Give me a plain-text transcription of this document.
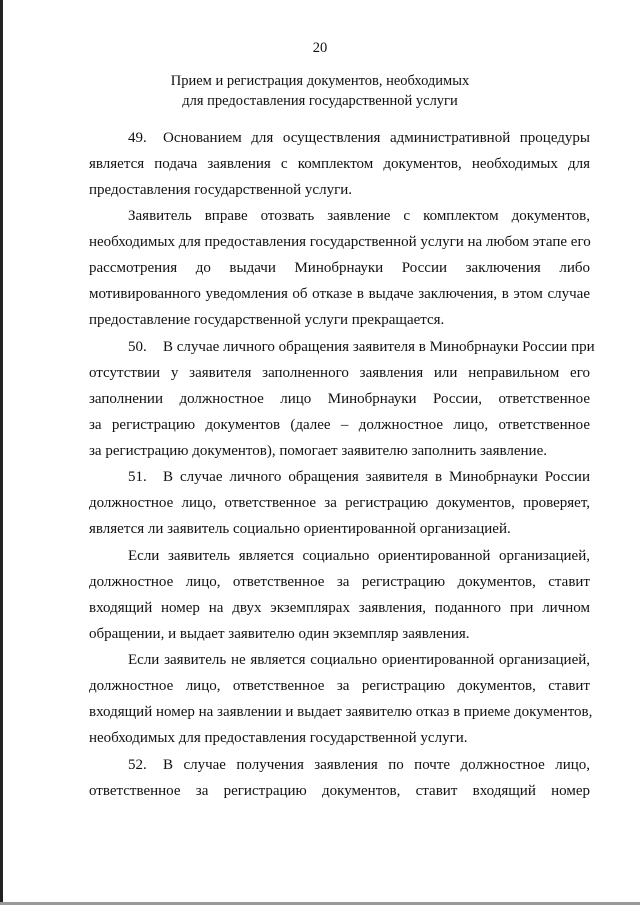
20
Прием и регистрация документов, необходимых
для предоставления государственной услуги
49. Основанием для осуществления административной процедуры
является подача заявления с комплектом документов, необходимых для
предоставления государственной услуги.
Заявитель вправе отозвать заявление с комплектом документов,
необходимых для предоставления государственной услуги на любом этапе его
рассмотрения до выдачи Минобрнауки России заключения либо
мотивированного уведомления об отказе в выдаче заключения, в этом случае
предоставление государственной услуги прекращается.
50. В случае личного обращения заявителя в Минобрнауки России при
отсутствии у заявителя заполненного заявления или неправильном его
заполнении должностное лицо Минобрнауки России, ответственное
за регистрацию документов (далее – должностное лицо, ответственное
за регистрацию документов), помогает заявителю заполнить заявление.
51. В случае личного обращения заявителя в Минобрнауки России
должностное лицо, ответственное за регистрацию документов, проверяет,
является ли заявитель социально ориентированной организацией.
Если заявитель является социально ориентированной организацией,
должностное лицо, ответственное за регистрацию документов, ставит
входящий номер на двух экземплярах заявления, поданного при личном
обращении, и выдает заявителю один экземпляр заявления.
Если заявитель не является социально ориентированной организацией,
должностное лицо, ответственное за регистрацию документов, ставит
входящий номер на заявлении и выдает заявителю отказ в приеме документов,
необходимых для предоставления государственной услуги.
52. В случае получения заявления по почте должностное лицо,
ответственное за регистрацию документов, ставит входящий номер
